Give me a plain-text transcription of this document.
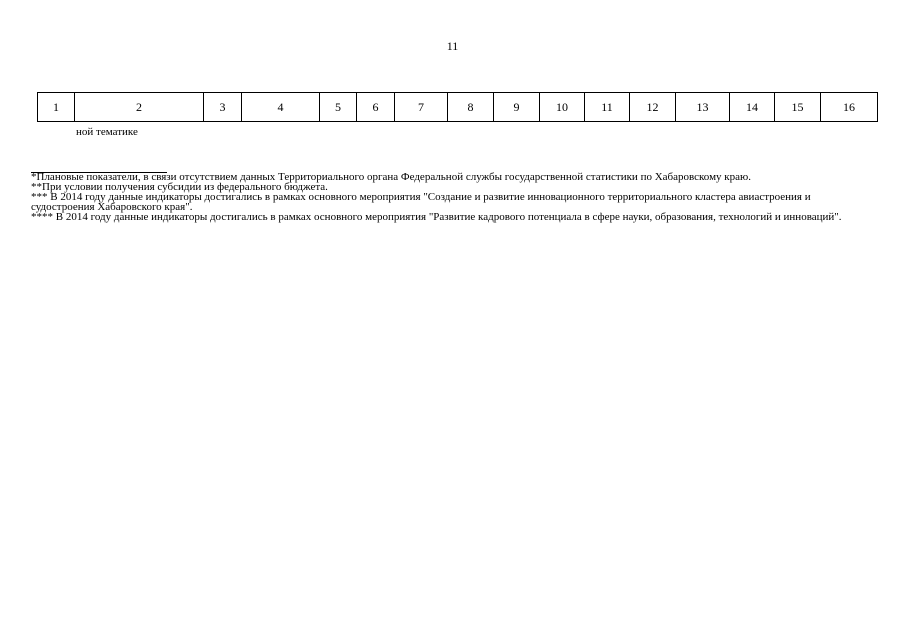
11
1	2	3	4	5	6	7	8	9	10	11	12	13	14	15	16
ной тематике

*Плановые показатели, в связи отсутствием данных Территориального органа Федеральной службы государственной статистики по Хабаровскому краю.

**При условии получения субсидии из федерального бюджета.

*** В 2014 году данные индикаторы достигались в рамках основного мероприятия "Создание и развитие инновационного территориального кластера авиастроения и судостроения Хабаровского края".

**** В 2014 году данные индикаторы достигались в рамках основного мероприятия "Развитие кадрового потенциала в сфере науки, образования, технологий и инноваций".
